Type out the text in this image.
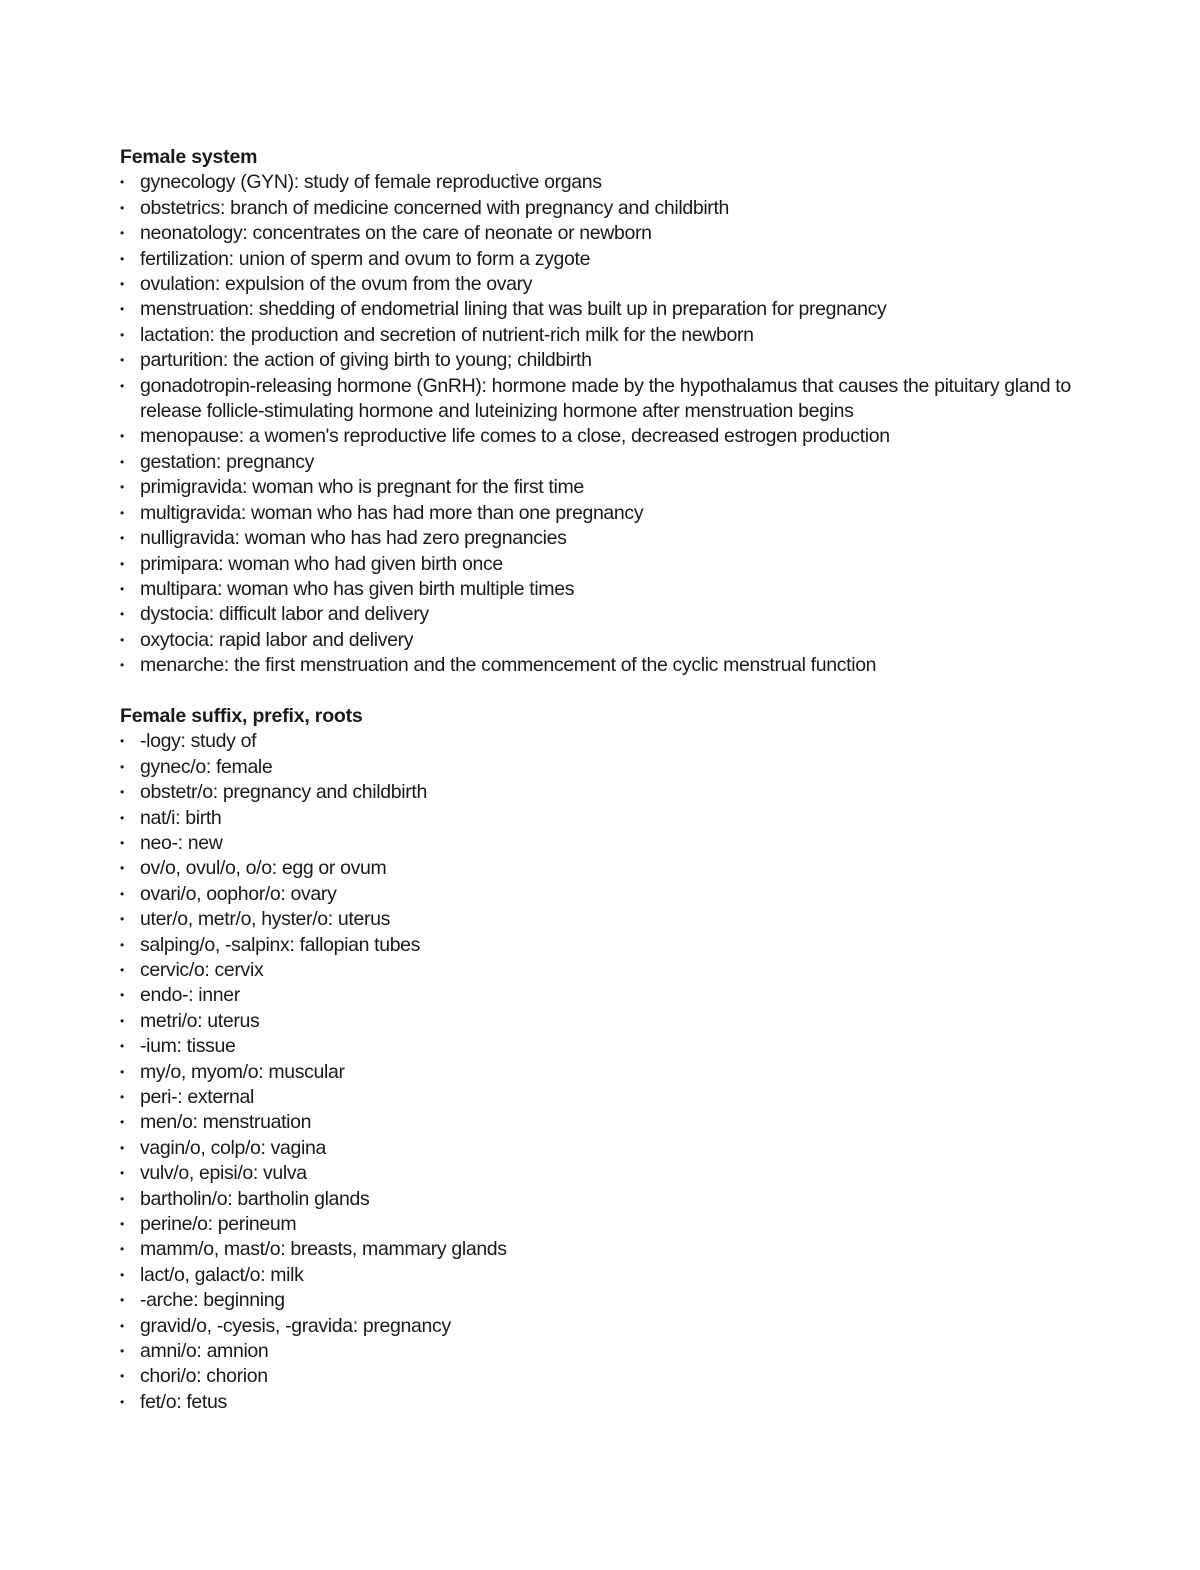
Female system
• gynecology (GYN): study of female reproductive organs
• obstetrics: branch of medicine concerned with pregnancy and childbirth
• neonatology: concentrates on the care of neonate or newborn
• fertilization: union of sperm and ovum to form a zygote
• ovulation: expulsion of the ovum from the ovary
• menstruation: shedding of endometrial lining that was built up in preparation for pregnancy
• lactation: the production and secretion of nutrient-rich milk for the newborn
• parturition: the action of giving birth to young; childbirth
• gonadotropin-releasing hormone (GnRH): hormone made by the hypothalamus that causes the pituitary gland to release follicle-stimulating hormone and luteinizing hormone after menstruation begins
• menopause: a women's reproductive life comes to a close, decreased estrogen production
• gestation: pregnancy
• primigravida: woman who is pregnant for the first time
• multigravida: woman who has had more than one pregnancy
• nulligravida: woman who has had zero pregnancies
• primipara: woman who had given birth once
• multipara: woman who has given birth multiple times
• dystocia: difficult labor and delivery
• oxytocia: rapid labor and delivery
• menarche: the first menstruation and the commencement of the cyclic menstrual function
Female suffix, prefix, roots
• -logy: study of
• gynec/o: female
• obstetr/o: pregnancy and childbirth
• nat/i: birth
• neo-: new
• ov/o, ovul/o, o/o: egg or ovum
• ovari/o, oophor/o: ovary
• uter/o, metr/o, hyster/o: uterus
• salping/o, -salpinx: fallopian tubes
• cervic/o: cervix
• endo-: inner
• metri/o: uterus
• -ium: tissue
• my/o, myom/o: muscular
• peri-: external
• men/o: menstruation
• vagin/o, colp/o: vagina
• vulv/o, episi/o: vulva
• bartholin/o: bartholin glands
• perine/o: perineum
• mamm/o, mast/o: breasts, mammary glands
• lact/o, galact/o: milk
• -arche: beginning
• gravid/o, -cyesis, -gravida: pregnancy
• amni/o: amnion
• chori/o: chorion
• fet/o: fetus
